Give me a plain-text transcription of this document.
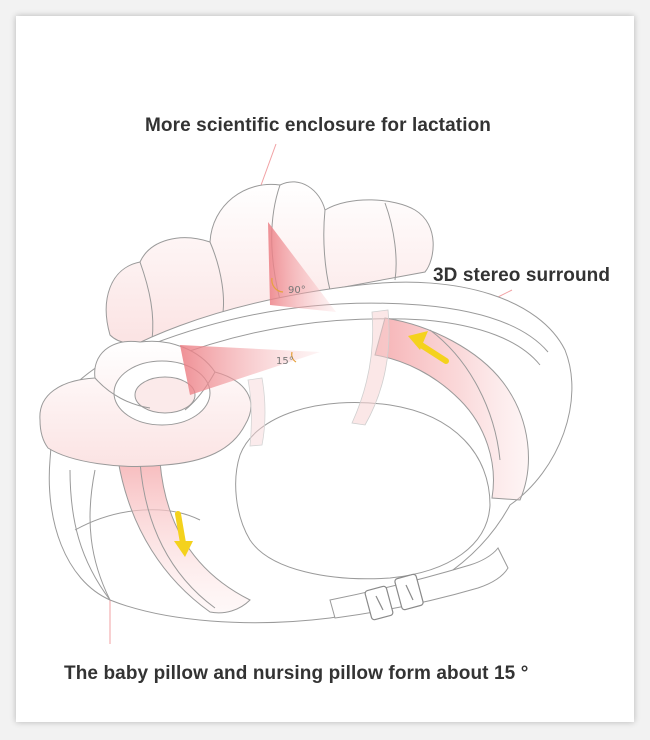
90°
15°

More scientific enclosure for lactation

3D stereo surround

The baby pillow and nursing pillow form about 15 °
